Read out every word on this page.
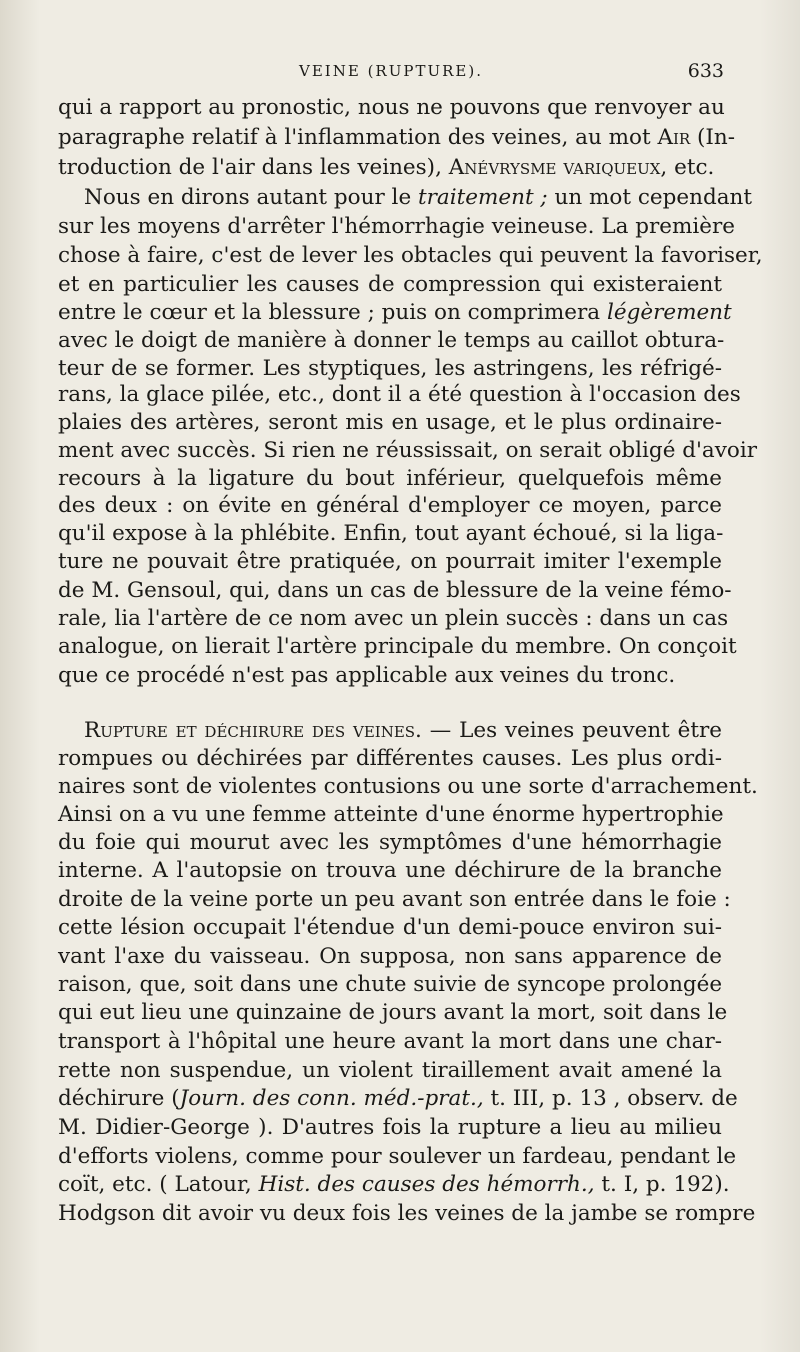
VEINE (RUPTURE).	633
qui a rapport au pronostic, nous ne pouvons que renvoyer au
paragraphe relatif à l'inflammation des veines, au mot Air (In-
troduction de l'air dans les veines), Anévrysme variqueux, etc.
Nous en dirons autant pour le traitement ; un mot cependant
sur les moyens d'arrêter l'hémorrhagie veineuse. La première
chose à faire, c'est de lever les obtacles qui peuvent la favoriser,
et en particulier les causes de compression qui existeraient
entre le cœur et la blessure ; puis on comprimera légèrement
avec le doigt de manière à donner le temps au caillot obtura-
teur de se former. Les styptiques, les astringens, les réfrigé-
rans, la glace pilée, etc., dont il a été question à l'occasion des
plaies des artères, seront mis en usage, et le plus ordinaire-
ment avec succès. Si rien ne réussissait, on serait obligé d'avoir
recours à la ligature du bout inférieur, quelquefois même
des deux : on évite en général d'employer ce moyen, parce
qu'il expose à la phlébite. Enfin, tout ayant échoué, si la liga-
ture ne pouvait être pratiquée, on pourrait imiter l'exemple
de M. Gensoul, qui, dans un cas de blessure de la veine fémo-
rale, lia l'artère de ce nom avec un plein succès : dans un cas
analogue, on lierait l'artère principale du membre. On conçoit
que ce procédé n'est pas applicable aux veines du tronc.
Rupture et déchirure des veines. — Les veines peuvent être
rompues ou déchirées par différentes causes. Les plus ordi-
naires sont de violentes contusions ou une sorte d'arrachement.
Ainsi on a vu une femme atteinte d'une énorme hypertrophie
du foie qui mourut avec les symptômes d'une hémorrhagie
interne. A l'autopsie on trouva une déchirure de la branche
droite de la veine porte un peu avant son entrée dans le foie :
cette lésion occupait l'étendue d'un demi-pouce environ sui-
vant l'axe du vaisseau. On supposa, non sans apparence de
raison, que, soit dans une chute suivie de syncope prolongée
qui eut lieu une quinzaine de jours avant la mort, soit dans le
transport à l'hôpital une heure avant la mort dans une char-
rette non suspendue, un violent tiraillement avait amené la
déchirure (Journ. des conn. méd.-prat., t. III, p. 13 , observ. de
M. Didier-George ). D'autres fois la rupture a lieu au milieu
d'efforts violens, comme pour soulever un fardeau, pendant le
coït, etc. ( Latour, Hist. des causes des hémorrh., t. I, p. 192).
Hodgson dit avoir vu deux fois les veines de la jambe se rompre
